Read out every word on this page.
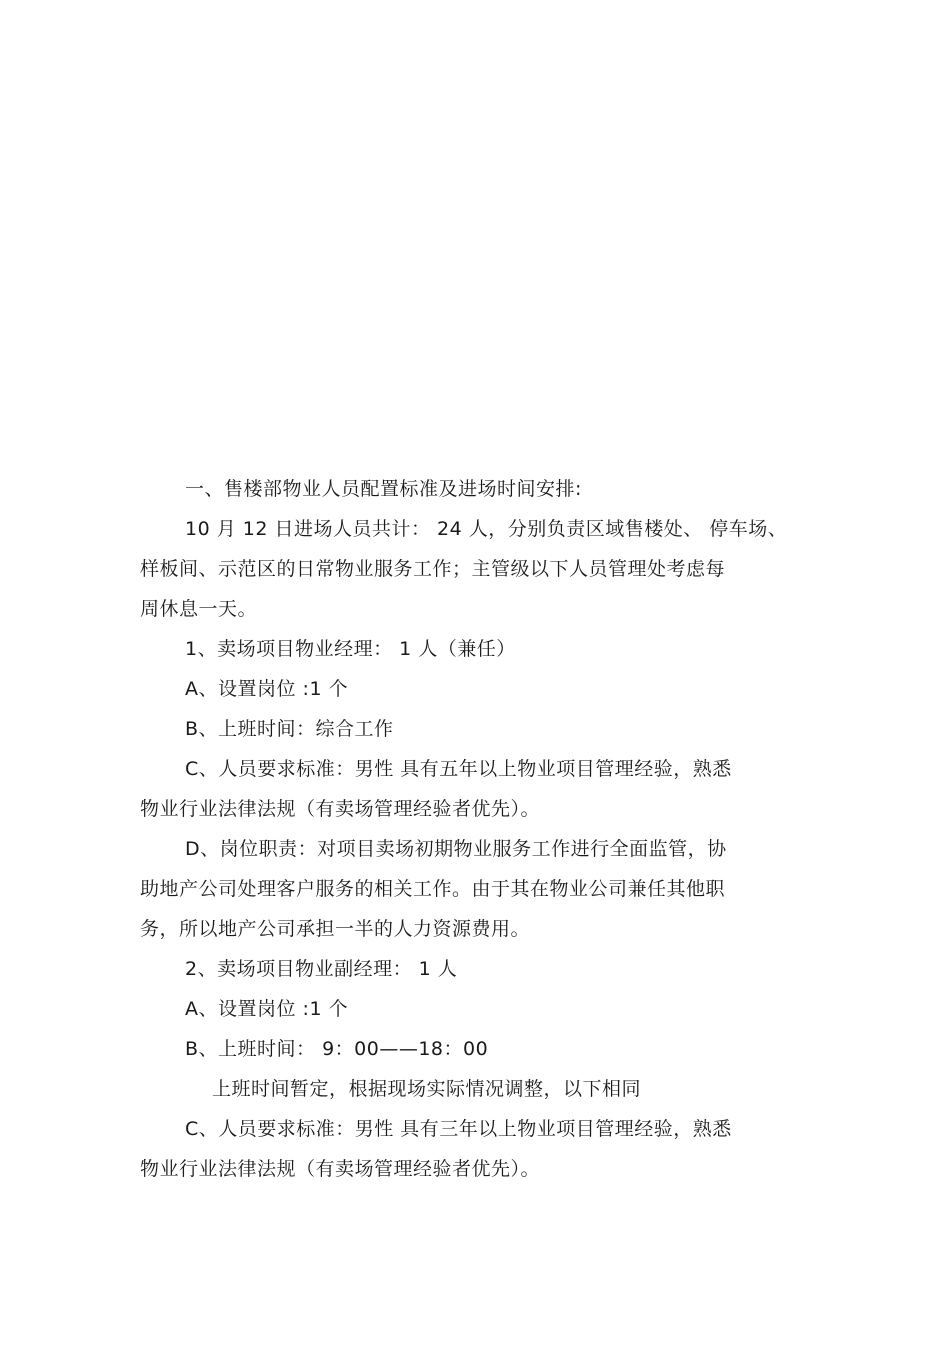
一、售楼部物业人员配置标准及进场时间安排:
10 月 12 日进场人员共计： 24 人，分别负责区域售楼处、 停车场、
样板间、示范区的日常物业服务工作；主管级以下人员管理处考虑每
周休息一天。
1、卖场项目物业经理： 1 人（兼任）
A、设置岗位 :1 个
B、上班时间：综合工作
C、人员要求标准：男性 具有五年以上物业项目管理经验，熟悉
物业行业法律法规（有卖场管理经验者优先）。
D、岗位职责：对项目卖场初期物业服务工作进行全面监管，协
助地产公司处理客户服务的相关工作。由于其在物业公司兼任其他职
务，所以地产公司承担一半的人力资源费用。
2、卖场项目物业副经理： 1 人
A、设置岗位 :1 个
B、上班时间： 9：00——18：00
上班时间暂定，根据现场实际情况调整，以下相同
C、人员要求标准：男性 具有三年以上物业项目管理经验，熟悉
物业行业法律法规（有卖场管理经验者优先）。
